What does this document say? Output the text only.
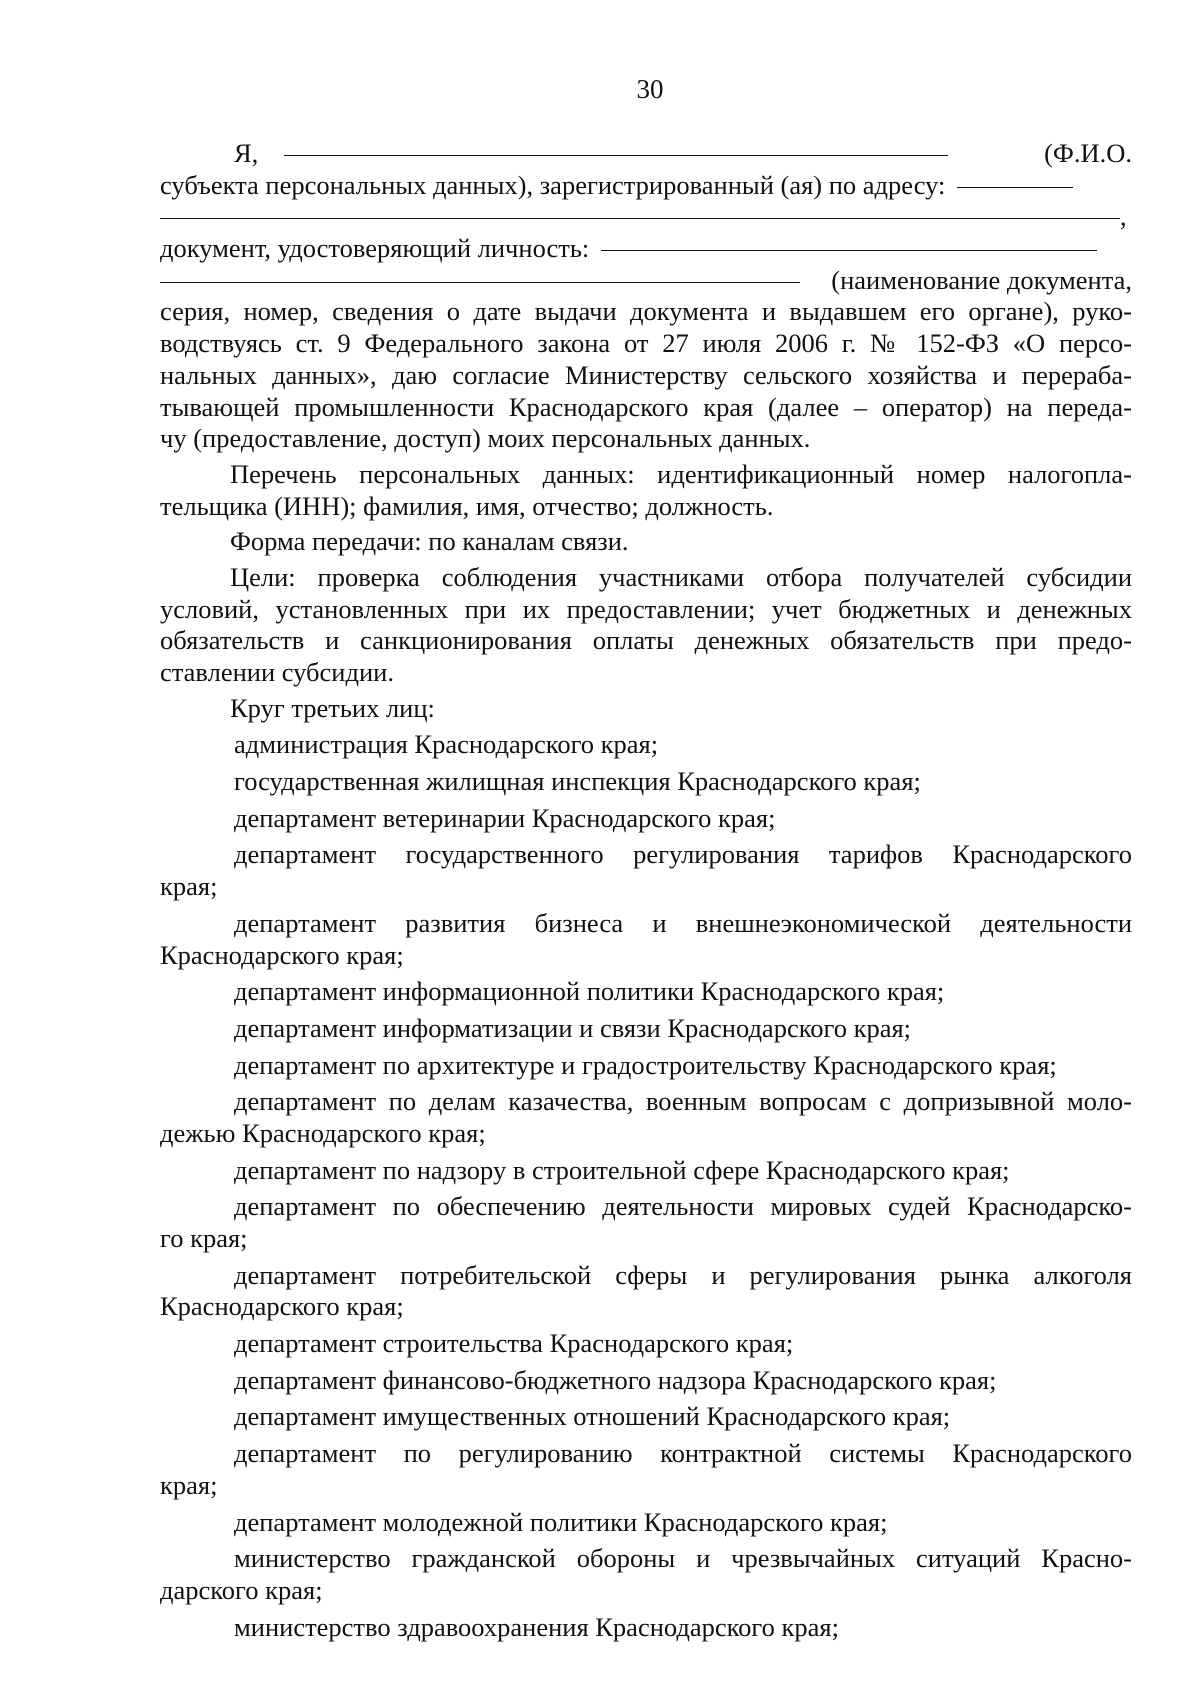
30
Я,	(Ф.И.О.
субъекта персональных данных), зарегистрированный (ая) по адресу:
,
документ, удостоверяющий личность:
(наименование документа,
серия, номер, сведения о дате выдачи документа и выдавшем его органе), руко-
водствуясь ст. 9 Федерального закона от 27 июля 2006 г. № 152-ФЗ «О персо-
нальных данных», даю согласие Министерству сельского хозяйства и перераба-
тывающей промышленности Краснодарского края (далее – оператор) на переда-
чу (предоставление, доступ) моих персональных данных.
Перечень персональных данных: идентификационный номер налогопла-
тельщика (ИНН); фамилия, имя, отчество; должность.
Форма передачи: по каналам связи.
Цели: проверка соблюдения участниками отбора получателей субсидии
условий, установленных при их предоставлении; учет бюджетных и денежных
обязательств и санкционирования оплаты денежных обязательств при предо-
ставлении субсидии.
Круг третьих лиц:
администрация Краснодарского края;
государственная жилищная инспекция Краснодарского края;
департамент ветеринарии Краснодарского края;
департамент государственного регулирования тарифов Краснодарского
края;
департамент развития бизнеса и внешнеэкономической деятельности
Краснодарского края;
департамент информационной политики Краснодарского края;
департамент информатизации и связи Краснодарского края;
департамент по архитектуре и градостроительству Краснодарского края;
департамент по делам казачества, военным вопросам с допризывной моло-
дежью Краснодарского края;
департамент по надзору в строительной сфере Краснодарского края;
департамент по обеспечению деятельности мировых судей Краснодарско-
го края;
департамент потребительской сферы и регулирования рынка алкоголя
Краснодарского края;
департамент строительства Краснодарского края;
департамент финансово-бюджетного надзора Краснодарского края;
департамент имущественных отношений Краснодарского края;
департамент по регулированию контрактной системы Краснодарского
края;
департамент молодежной политики Краснодарского края;
министерство гражданской обороны и чрезвычайных ситуаций Красно-
дарского края;
министерство здравоохранения Краснодарского края;
